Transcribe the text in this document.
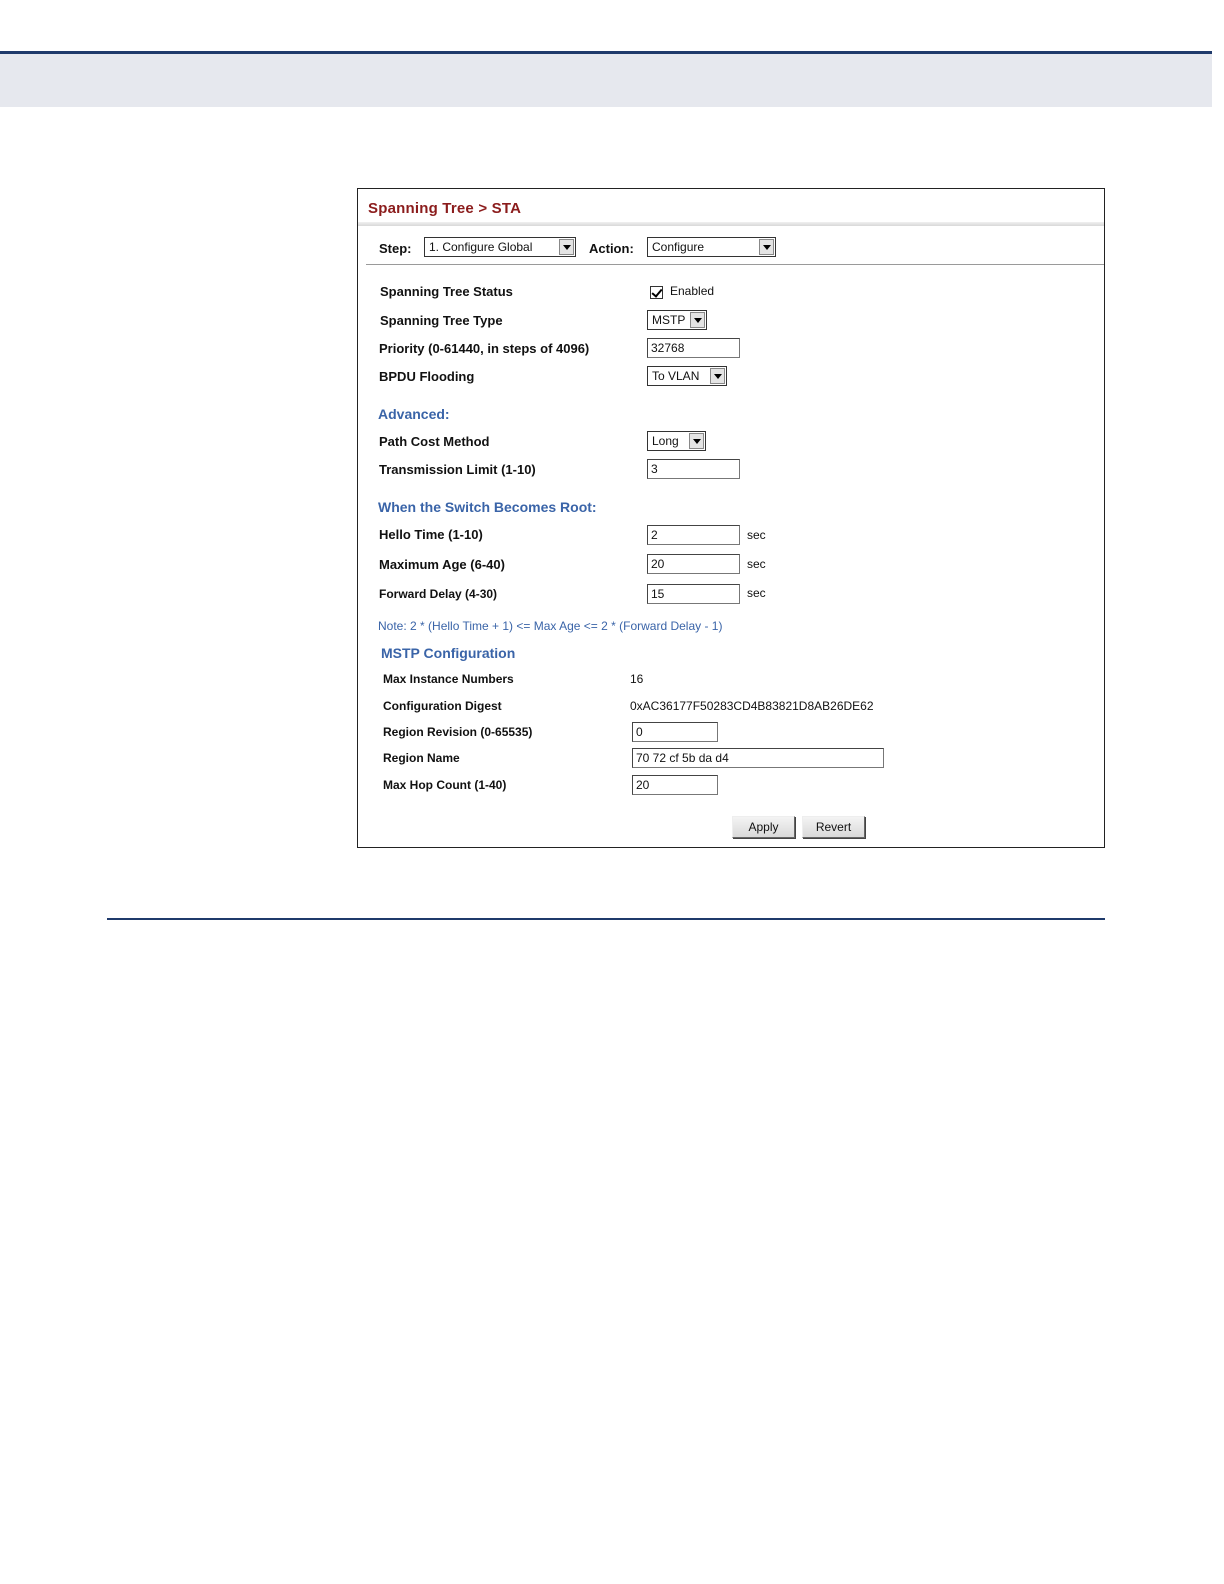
Spanning Tree > STA
Step: 1. Configure Global	Action: Configure
Spanning Tree Status	Enabled
Spanning Tree Type	MSTP
Priority (0-61440, in steps of 4096)	32768
BPDU Flooding	To VLAN
Advanced:
Path Cost Method	Long
Transmission Limit (1-10)	3
When the Switch Becomes Root:
Hello Time (1-10)	2	sec
Maximum Age (6-40)	20	sec
Forward Delay (4-30)	15	sec
Note: 2 * (Hello Time + 1) <= Max Age <= 2 * (Forward Delay - 1)
MSTP Configuration
Max Instance Numbers	16
Configuration Digest	0xAC36177F50283CD4B83821D8AB26DE62
Region Revision (0-65535)	0
Region Name	70 72 cf 5b da d4
Max Hop Count (1-40)	20
Apply	Revert
